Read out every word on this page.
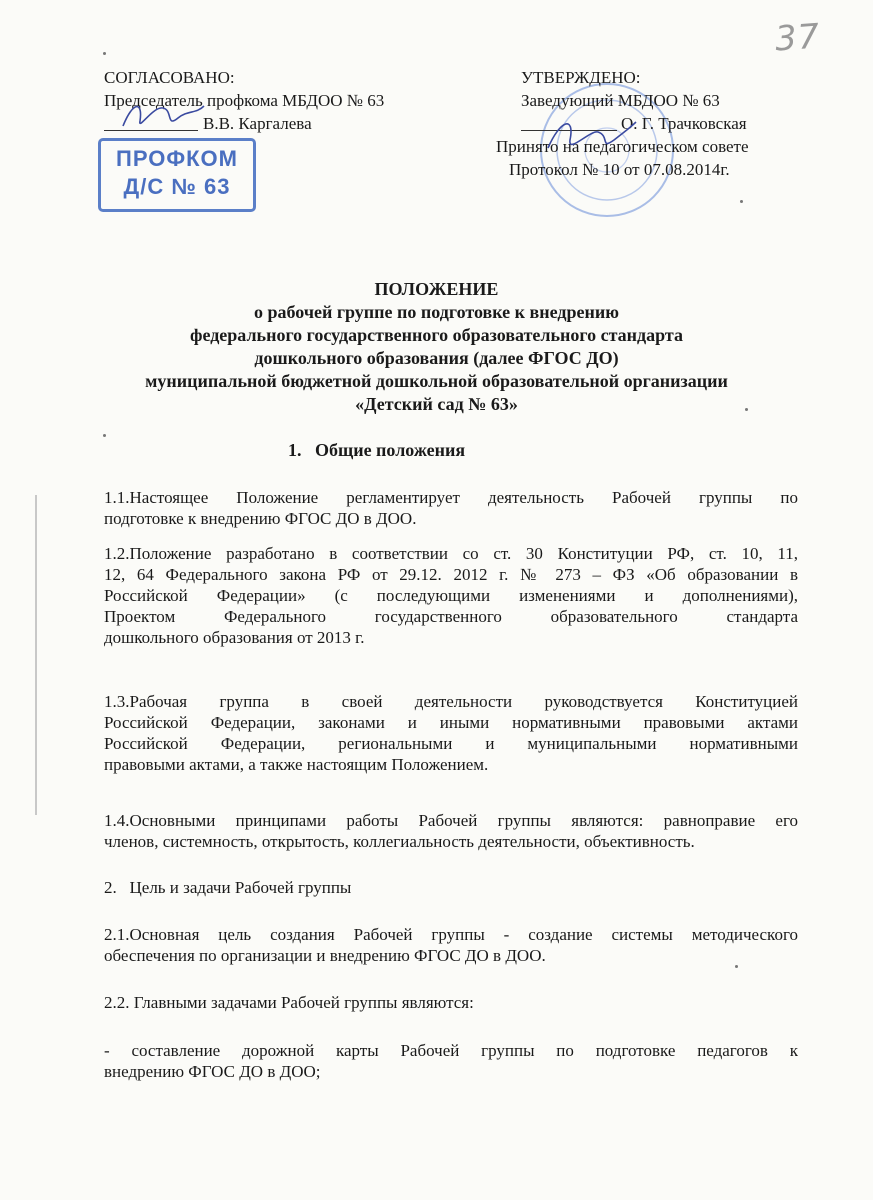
37
СОГЛАСОВАНО:
Председатель профкома МБДОО № 63
В.В. Каргалева
ПРОФКОМ
Д/С № 63
УТВЕРЖДЕНО:
Заведующий МБДОО № 63
О. Г. Трачковская
Принято на педагогическом совете
Протокол № 10 от 07.08.2014г.
ПОЛОЖЕНИЕ
о рабочей группе по подготовке к внедрению
федерального государственного образовательного стандарта
дошкольного образования (далее ФГОС ДО)
муниципальной бюджетной дошкольной образовательной организации
«Детский сад № 63»
1.   Общие положения
1.1.Настоящее Положение регламентирует деятельность Рабочей группы по
подготовке к внедрению ФГОС ДО в ДОО.
1.2.Положение разработано в соответствии со ст. 30 Конституции РФ, ст. 10, 11,
12, 64 Федерального закона РФ от 29.12. 2012 г. № 273 – ФЗ «Об образовании в
Российской Федерации» (с последующими изменениями и дополнениями),
Проектом Федерального государственного образовательного стандарта
дошкольного образования от 2013 г.
1.3.Рабочая группа в своей деятельности руководствуется Конституцией
Российской Федерации, законами и иными нормативными правовыми актами
Российской Федерации, региональными и муниципальными нормативными
правовыми актами, а также настоящим Положением.
1.4.Основными принципами работы Рабочей группы являются: равноправие его
членов, системность, открытость, коллегиальность деятельности, объективность.
2.   Цель и задачи Рабочей группы
2.1.Основная цель создания Рабочей группы - создание системы методического
обеспечения по организации и внедрению ФГОС ДО в ДОО.
2.2. Главными задачами Рабочей группы являются:
- составление дорожной карты Рабочей группы по подготовке педагогов к
внедрению ФГОС ДО в ДОО;
